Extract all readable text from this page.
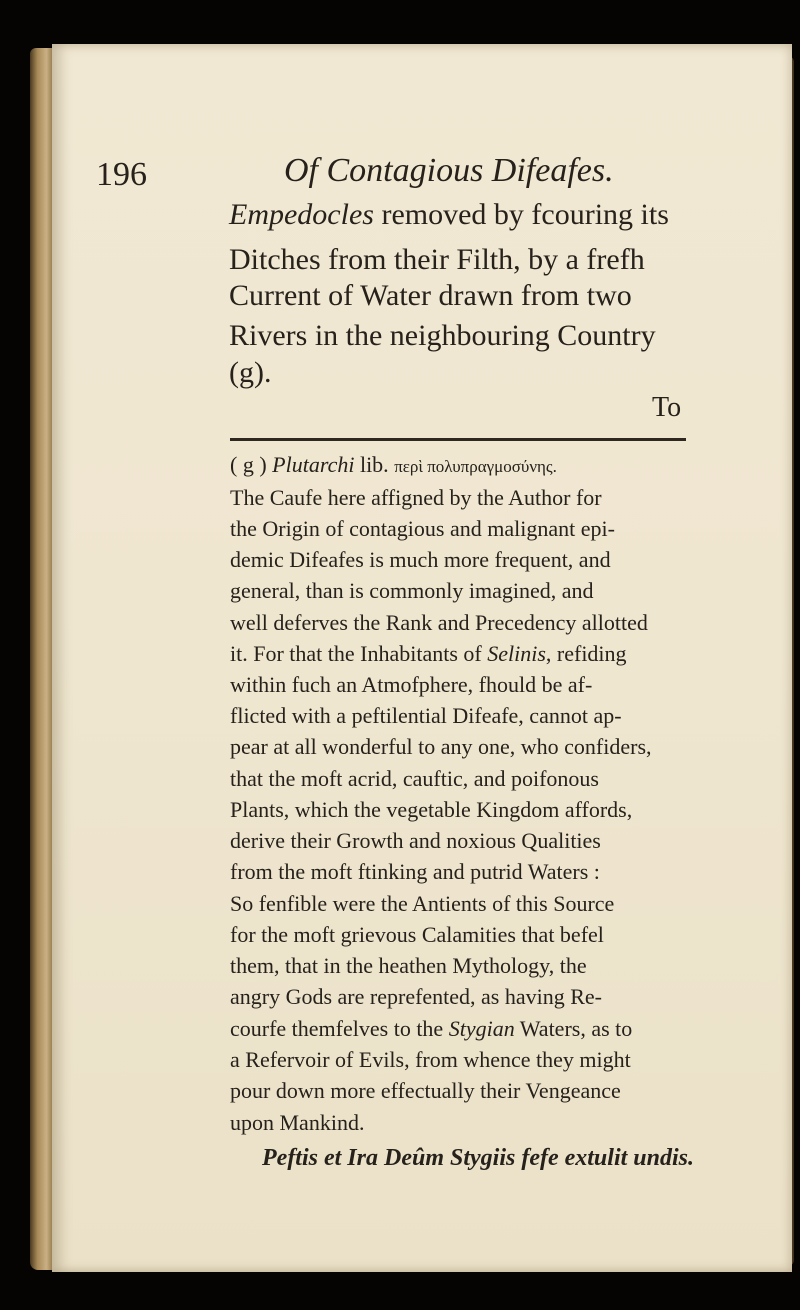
196	Of Contagious Difeafes.
Empedocles removed by fcouring its
Ditches from their Filth, by a frefh
Current of Water drawn from two
Rivers in the neighbouring Country
(g).
To
( g ) Plutarchi lib. περὶ πολυπραγμοσύνης.
The Caufe here affigned by the Author for
the Origin of contagious and malignant epi-
demic Difeafes is much more frequent, and
general, than is commonly imagined, and
well deferves the Rank and Precedency allotted
it. For that the Inhabitants of Selinis, refiding
within fuch an Atmofphere, fhould be af-
flicted with a peftilential Difeafe, cannot ap-
pear at all wonderful to any one, who confiders,
that the moft acrid, cauftic, and poifonous
Plants, which the vegetable Kingdom affords,
derive their Growth and noxious Qualities
from the moft ftinking and putrid Waters :
So fenfible were the Antients of this Source
for the moft grievous Calamities that befel
them, that in the heathen Mythology, the
angry Gods are reprefented, as having Re-
courfe themfelves to the Stygian Waters, as to
a Refervoir of Evils, from whence they might
pour down more effectually their Vengeance
upon Mankind.
Peftis et Ira Deûm Stygiis fefe extulit undis.
